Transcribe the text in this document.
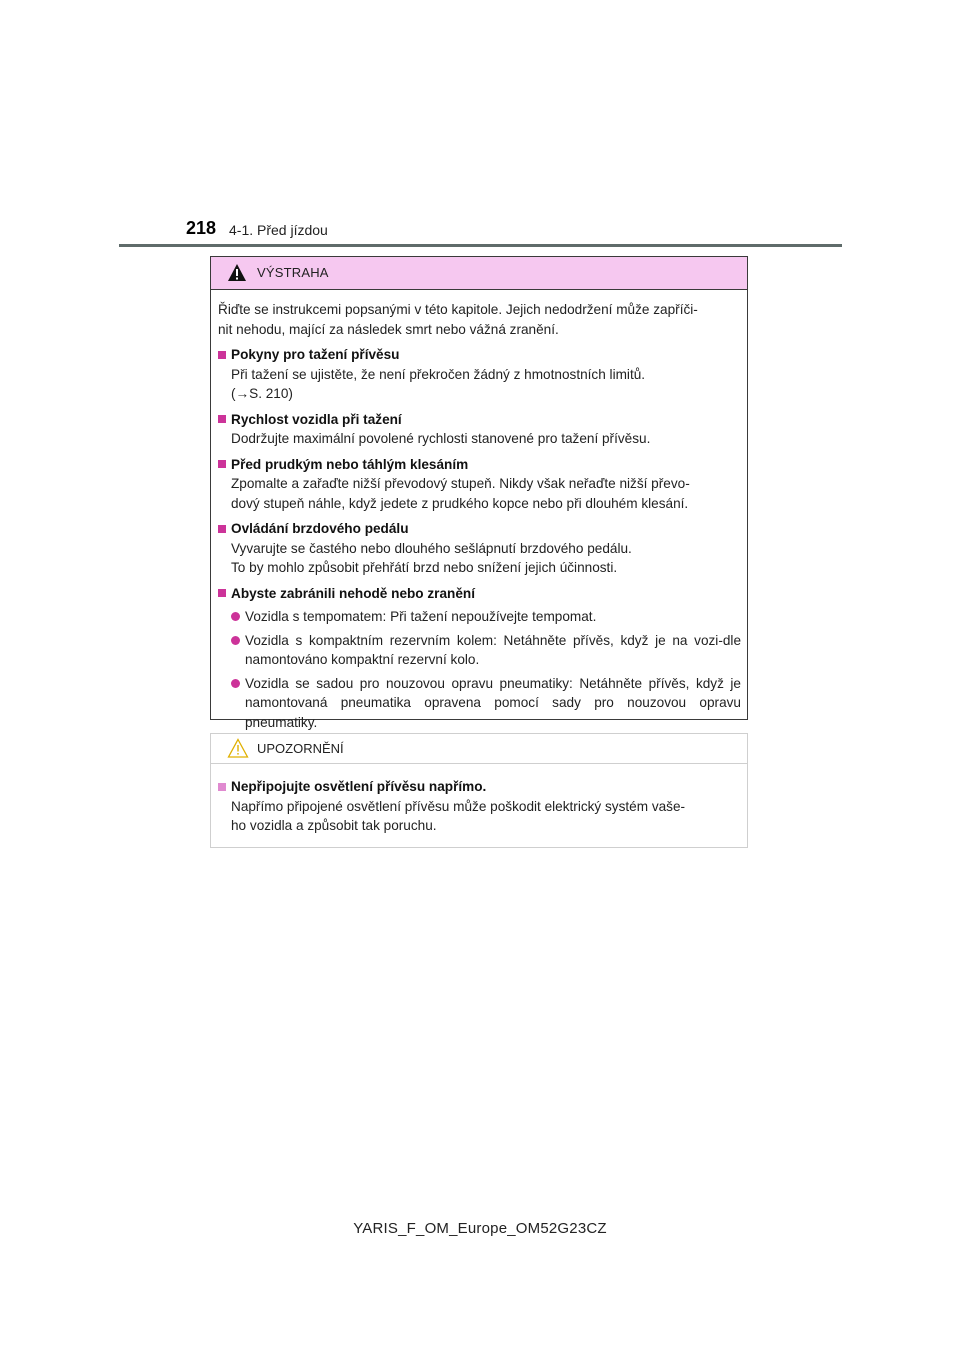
218 4-1. Před jízdou
VÝSTRAHA
Řiďte se instrukcemi popsanými v této kapitole. Jejich nedodržení může zapříči-
nit nehodu, mající za následek smrt nebo vážná zranění.
Pokyny pro tažení přívěsu
Při tažení se ujistěte, že není překročen žádný z hmotnostních limitů.
(→S. 210)
Rychlost vozidla při tažení
Dodržujte maximální povolené rychlosti stanovené pro tažení přívěsu.
Před prudkým nebo táhlým klesáním
Zpomalte a zařaďte nižší převodový stupeň. Nikdy však neřaďte nižší převo-
dový stupeň náhle, když jedete z prudkého kopce nebo při dlouhém klesání.
Ovládání brzdového pedálu
Vyvarujte se častého nebo dlouhého sešlápnutí brzdového pedálu.
To by mohlo způsobit přehřátí brzd nebo snížení jejich účinnosti.
Abyste zabránili nehodě nebo zranění
Vozidla s tempomatem: Při tažení nepoužívejte tempomat.
Vozidla s kompaktním rezervním kolem: Netáhněte přívěs, když je na vozi-dle namontováno kompaktní rezervní kolo.
Vozidla se sadou pro nouzovou opravu pneumatiky: Netáhněte přívěs, když je namontovaná pneumatika opravena pomocí sady pro nouzovou opravu pneumatiky.
UPOZORNĚNÍ
Nepřipojujte osvětlení přívěsu napřímo.
Napřímo připojené osvětlení přívěsu může poškodit elektrický systém vaše-
ho vozidla a způsobit tak poruchu.
YARIS_F_OM_Europe_OM52G23CZ
